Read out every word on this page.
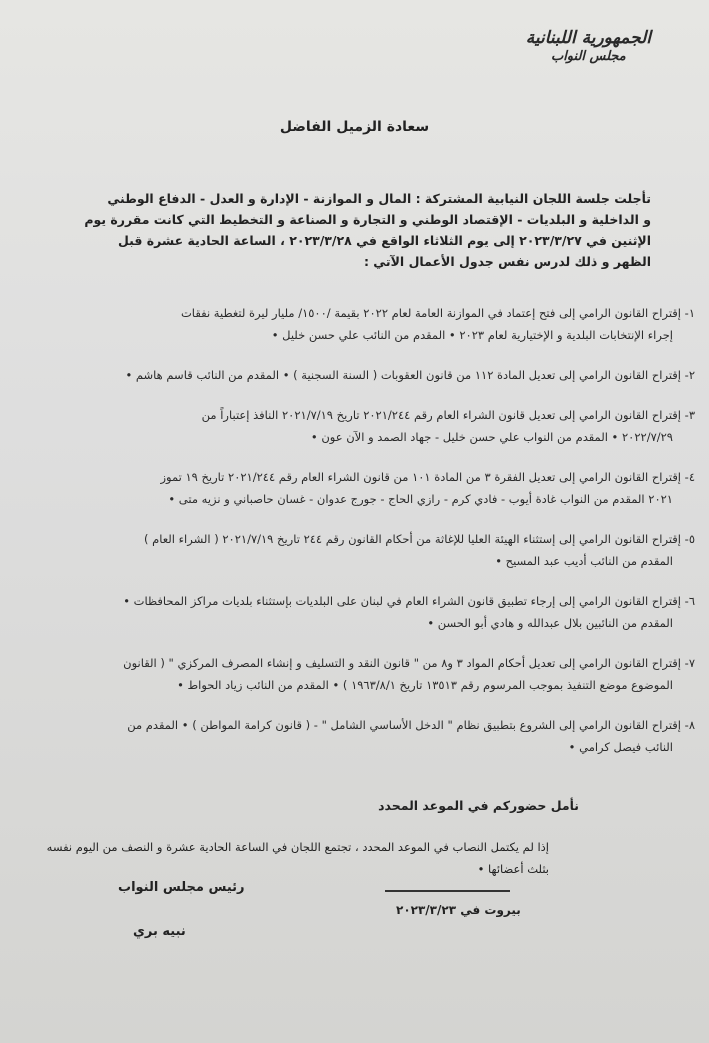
الجمهورية اللبنانية
مجلس النواب
سعادة الزميل الفاضل
تأجلت جلسة اللجان النيابية المشتركة : المال و الموازنة - الإدارة و العدل - الدفاع الوطني
و الداخلية و البلديات - الإقتصاد الوطني و التجارة و الصناعة و التخطيط التي كانت مقررة يوم
الإثنين في ٢٠٢٣/٣/٢٧ إلى يوم الثلاثاء الواقع في ٢٠٢٣/٣/٢٨ ، الساعة الحادية عشرة قبل
الظهر و ذلك لدرس نفس جدول الأعمال الآتي :
١- إقتراح القانون الرامي إلى فتح إعتماد في الموازنة العامة لعام ٢٠٢٢ بقيمة /١٥٠٠/ مليار ليرة لتغطية نفقات
إجراء الإنتخابات البلدية و الإختيارية لعام ٢٠٢٣ • المقدم من النائب علي حسن خليل •
٢- إقتراح القانون الرامي إلى تعديل المادة ١١٢ من قانون العقوبات ( السنة السجنية ) • المقدم من النائب قاسم هاشم •
٣- إقتراح القانون الرامي إلى تعديل قانون الشراء العام رقم ٢٠٢١/٢٤٤ تاريخ ٢٠٢١/٧/١٩ النافذ إعتباراً من
٢٠٢٢/٧/٢٩ • المقدم من النواب علي حسن خليل - جهاد الصمد و الآن عون •
٤- إقتراح القانون الرامي إلى تعديل الفقرة ٣ من المادة ١٠١ من قانون الشراء العام رقم ٢٠٢١/٢٤٤ تاريخ ١٩ تموز
٢٠٢١ المقدم من النواب غادة أيوب - فادي كرم - رازي الحاج - جورج عدوان - غسان حاصباني و نزيه متى •
٥- إقتراح القانون الرامي إلى إستثناء الهيئة العليا للإغاثة من أحكام القانون رقم ٢٤٤ تاريخ ٢٠٢١/٧/١٩ ( الشراء العام )
المقدم من النائب أديب عبد المسيح •
٦- إقتراح القانون الرامي إلى إرجاء تطبيق قانون الشراء العام في لبنان على البلديات بإستثناء بلديات مراكز المحافظات •
المقدم من النائبين بلال عبدالله و هادي أبو الحسن •
٧- إقتراح القانون الرامي إلى تعديل أحكام المواد ٣ و٨ من " قانون النقد و التسليف و إنشاء المصرف المركزي " ( القانون
الموضوع موضع التنفيذ بموجب المرسوم رقم ١٣٥١٣ تاريخ ١٩٦٣/٨/١ ) • المقدم من النائب زياد الحواط •
٨- إقتراح القانون الرامي إلى الشروع بتطبيق نظام " الدخل الأساسي الشامل " - ( قانون كرامة المواطن ) • المقدم من
النائب فيصل كرامي •
نأمل حضوركم في الموعد المحدد
إذا لم يكتمل النصاب في الموعد المحدد ، تجتمع اللجان في الساعة الحادية عشرة و النصف من اليوم نفسه
بثلث أعضائها •
بيروت في ٢٠٢٣/٣/٢٣
رئيس مجلس النواب
نبيه بري
